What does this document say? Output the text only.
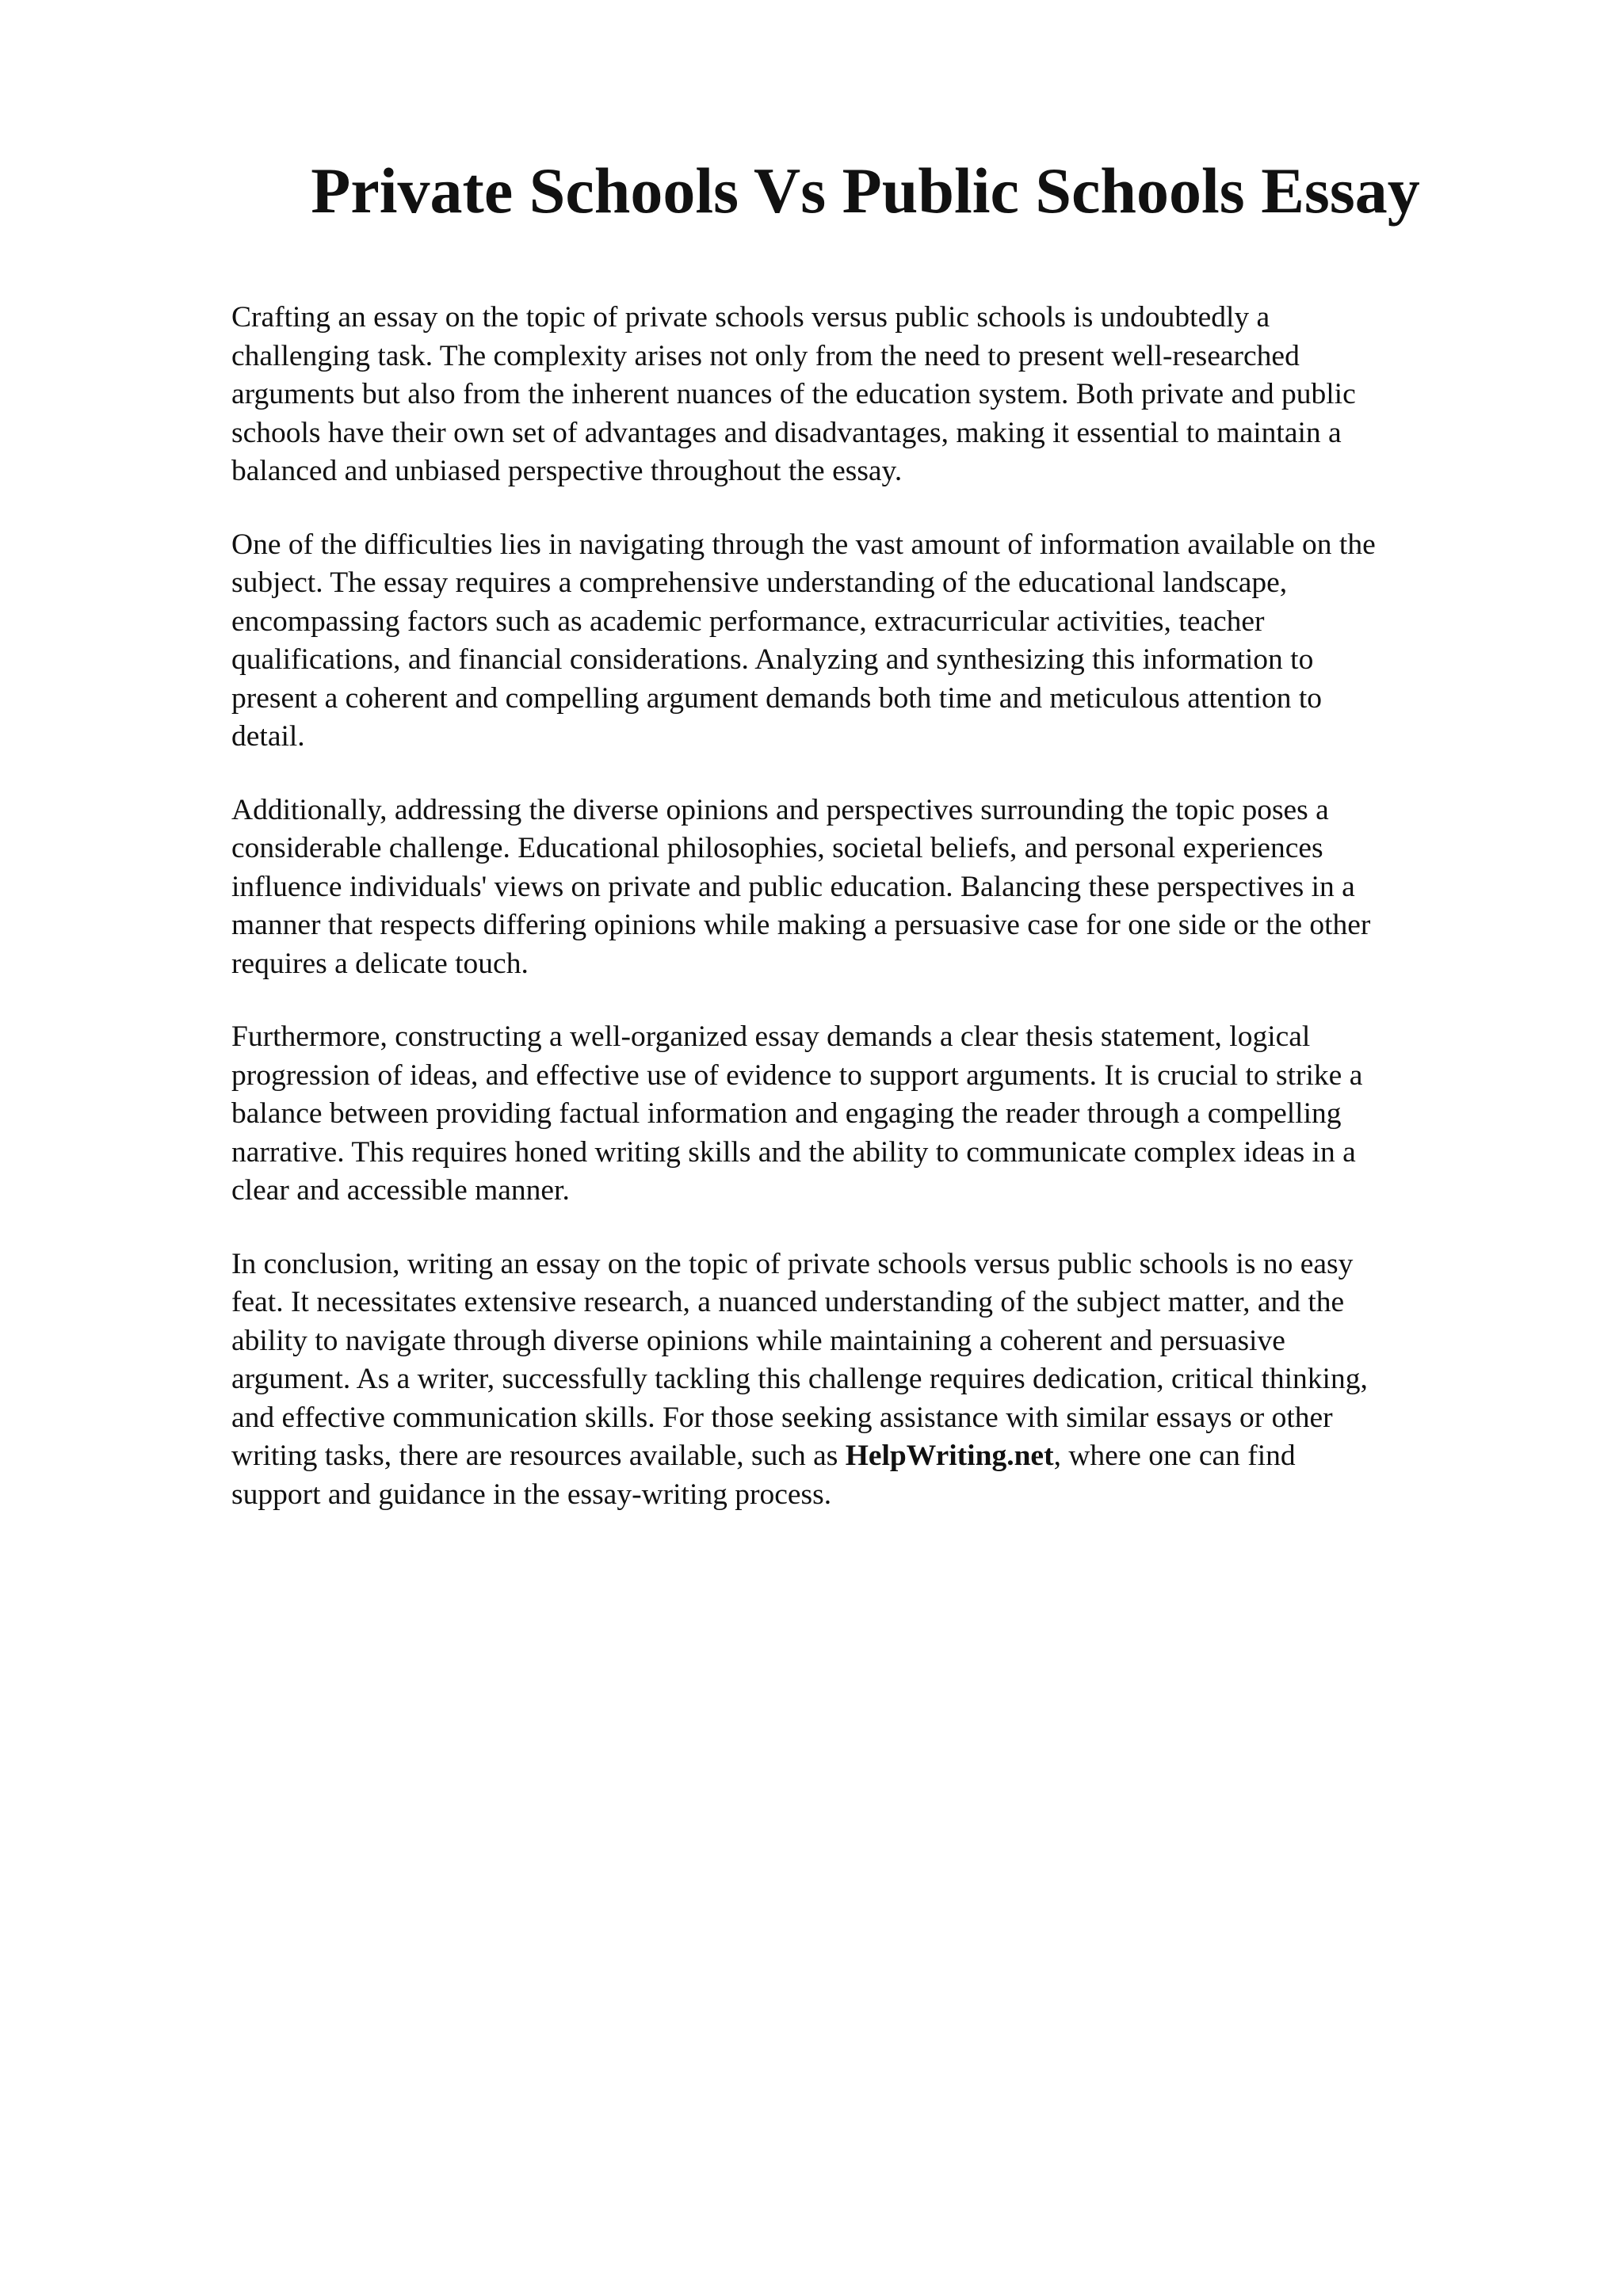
Private Schools Vs Public Schools Essay

Crafting an essay on the topic of private schools versus public schools is undoubtedly a
challenging task. The complexity arises not only from the need to present well-researched
arguments but also from the inherent nuances of the education system. Both private and public
schools have their own set of advantages and disadvantages, making it essential to maintain a
balanced and unbiased perspective throughout the essay.

One of the difficulties lies in navigating through the vast amount of information available on the
subject. The essay requires a comprehensive understanding of the educational landscape,
encompassing factors such as academic performance, extracurricular activities, teacher
qualifications, and financial considerations. Analyzing and synthesizing this information to
present a coherent and compelling argument demands both time and meticulous attention to
detail.

Additionally, addressing the diverse opinions and perspectives surrounding the topic poses a
considerable challenge. Educational philosophies, societal beliefs, and personal experiences
influence individuals' views on private and public education. Balancing these perspectives in a
manner that respects differing opinions while making a persuasive case for one side or the other
requires a delicate touch.

Furthermore, constructing a well-organized essay demands a clear thesis statement, logical
progression of ideas, and effective use of evidence to support arguments. It is crucial to strike a
balance between providing factual information and engaging the reader through a compelling
narrative. This requires honed writing skills and the ability to communicate complex ideas in a
clear and accessible manner.

In conclusion, writing an essay on the topic of private schools versus public schools is no easy
feat. It necessitates extensive research, a nuanced understanding of the subject matter, and the
ability to navigate through diverse opinions while maintaining a coherent and persuasive
argument. As a writer, successfully tackling this challenge requires dedication, critical thinking,
and effective communication skills. For those seeking assistance with similar essays or other
writing tasks, there are resources available, such as HelpWriting.net, where one can find
support and guidance in the essay-writing process.
